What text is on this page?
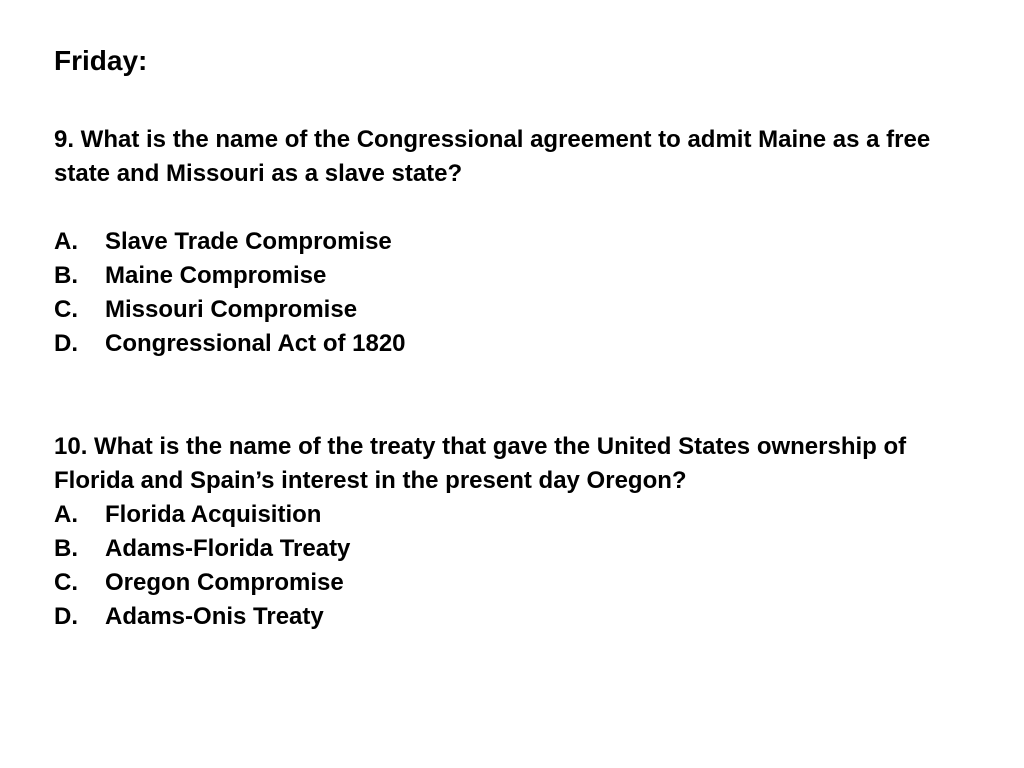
Friday:

9. What is the name of the Congressional agreement to admit Maine as a free state and Missouri as a slave state?

A.	Slave Trade Compromise
B.	Maine Compromise
C.	Missouri Compromise
D.	Congressional Act of 1820

10. What is the name of the treaty that gave the United States ownership of Florida and Spain’s interest in the present day Oregon?

A.	Florida Acquisition
B.	Adams-Florida Treaty
C.	Oregon Compromise
D.	Adams-Onis Treaty
